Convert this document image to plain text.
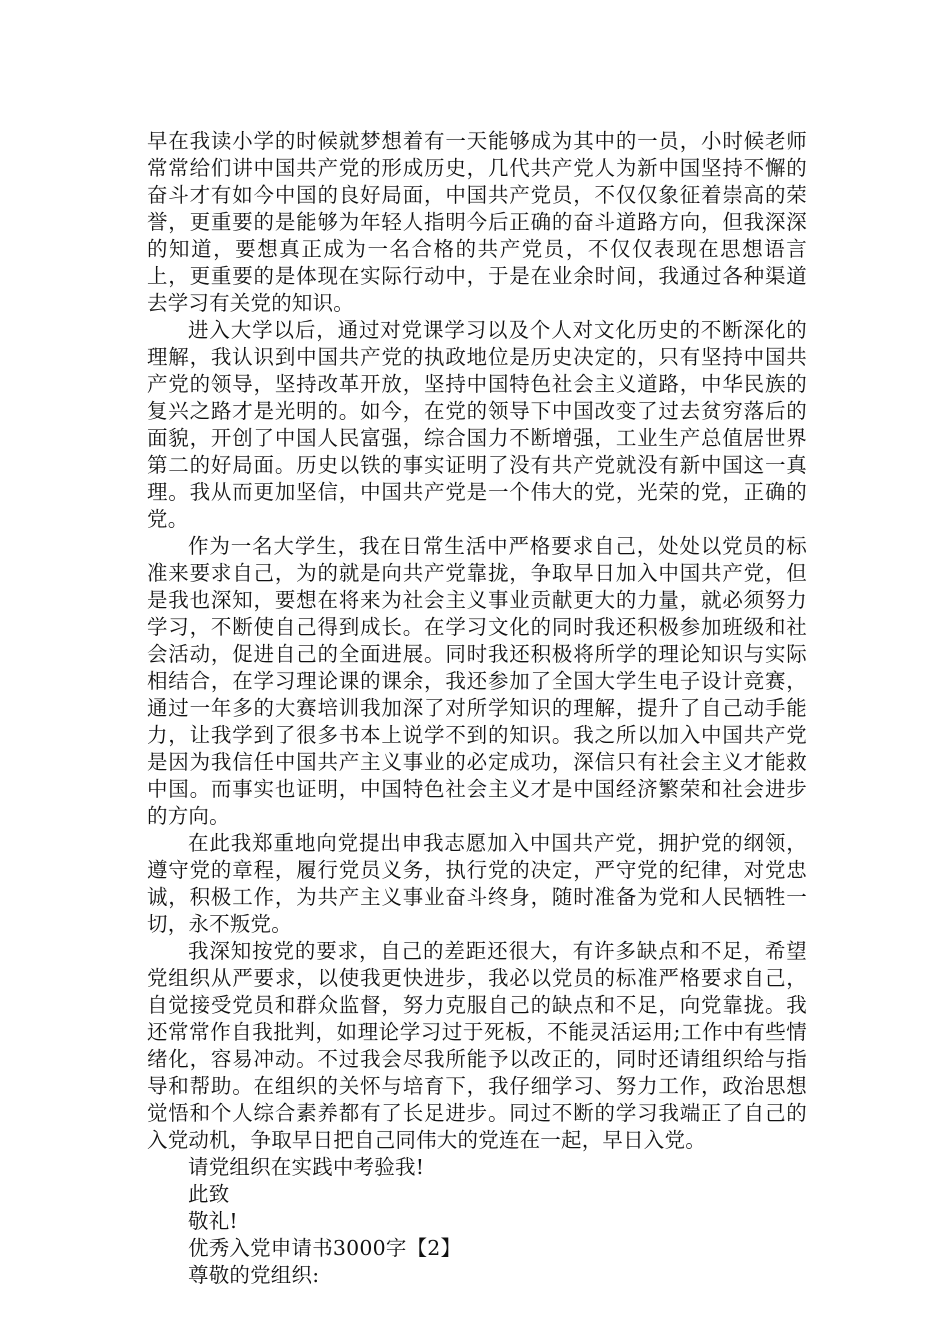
早在我读小学的时候就梦想着有一天能够成为其中的一员，小时候老师常常给们讲中国共产党的形成历史，几代共产党人为新中国坚持不懈的奋斗才有如今中国的良好局面，中国共产党员，不仅仅象征着崇高的荣誉，更重要的是能够为年轻人指明今后正确的奋斗道路方向，但我深深的知道，要想真正成为一名合格的共产党员，不仅仅表现在思想语言上，更重要的是体现在实际行动中，于是在业余时间，我通过各种渠道去学习有关党的知识。

进入大学以后，通过对党课学习以及个人对文化历史的不断深化的理解，我认识到中国共产党的执政地位是历史决定的，只有坚持中国共产党的领导，坚持改革开放，坚持中国特色社会主义道路，中华民族的复兴之路才是光明的。如今，在党的领导下中国改变了过去贫穷落后的面貌，开创了中国人民富强，综合国力不断增强，工业生产总值居世界第二的好局面。历史以铁的事实证明了没有共产党就没有新中国这一真理。我从而更加坚信，中国共产党是一个伟大的党，光荣的党，正确的党。

作为一名大学生，我在日常生活中严格要求自己，处处以党员的标准来要求自己，为的就是向共产党靠拢，争取早日加入中国共产党，但是我也深知，要想在将来为社会主义事业贡献更大的力量，就必须努力学习，不断使自己得到成长。在学习文化的同时我还积极参加班级和社会活动，促进自己的全面进展。同时我还积极将所学的理论知识与实际相结合，在学习理论课的课余，我还参加了全国大学生电子设计竞赛，通过一年多的大赛培训我加深了对所学知识的理解，提升了自己动手能力，让我学到了很多书本上说学不到的知识。我之所以加入中国共产党是因为我信任中国共产主义事业的必定成功，深信只有社会主义才能救中国。而事实也证明，中国特色社会主义才是中国经济繁荣和社会进步的方向。

在此我郑重地向党提出申我志愿加入中国共产党，拥护党的纲领，遵守党的章程，履行党员义务，执行党的决定，严守党的纪律，对党忠诚，积极工作，为共产主义事业奋斗终身，随时准备为党和人民牺牲一切，永不叛党。

我深知按党的要求，自己的差距还很大，有许多缺点和不足，希望党组织从严要求，以使我更快进步，我必以党员的标准严格要求自己，自觉接受党员和群众监督，努力克服自己的缺点和不足，向党靠拢。我还常常作自我批判，如理论学习过于死板，不能灵活运用;工作中有些情绪化，容易冲动。不过我会尽我所能予以改正的，同时还请组织给与指导和帮助。在组织的关怀与培育下，我仔细学习、努力工作，政治思想觉悟和个人综合素养都有了长足进步。同过不断的学习我端正了自己的入党动机，争取早日把自己同伟大的党连在一起，早日入党。

请党组织在实践中考验我!

此致

敬礼!

优秀入党申请书3000字【2】

尊敬的党组织:
